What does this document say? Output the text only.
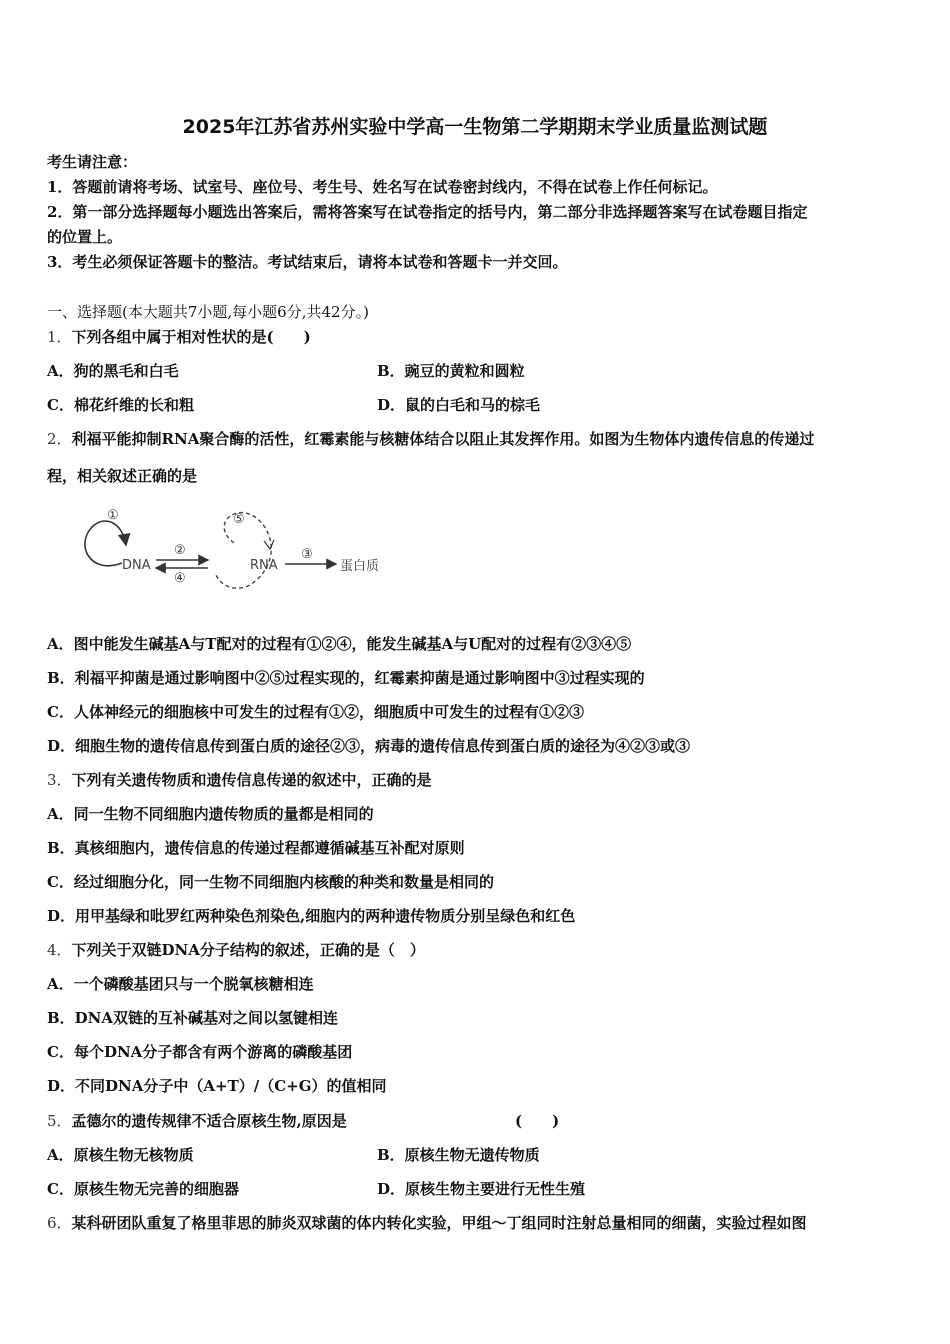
2025年江苏省苏州实验中学高一生物第二学期期末学业质量监测试题
考生请注意：
1．答题前请将考场、试室号、座位号、考生号、姓名写在试卷密封线内，不得在试卷上作任何标记。
2．第一部分选择题每小题选出答案后，需将答案写在试卷指定的括号内，第二部分非选择题答案写在试卷题目指定
的位置上。
3．考生必须保证答题卡的整洁。考试结束后，请将本试卷和答题卡一并交回。
一、选择题(本大题共7小题,每小题6分,共42分。)
1．下列各组中属于相对性状的是(　　)
A．狗的黑毛和白毛	B．豌豆的黄粒和圆粒
C．棉花纤维的长和粗	D．鼠的白毛和马的棕毛
2．利福平能抑制RNA聚合酶的活性，红霉素能与核糖体结合以阻止其发挥作用。如图为生物体内遗传信息的传递过
程，相关叙述正确的是
①
DNA
②
④
⑤
RNA
③
蛋白质
A．图中能发生碱基A与T配对的过程有①②④，能发生碱基A与U配对的过程有②③④⑤
B．利福平抑菌是通过影响图中②⑤过程实现的，红霉素抑菌是通过影响图中③过程实现的
C．人体神经元的细胞核中可发生的过程有①②，细胞质中可发生的过程有①②③
D．细胞生物的遗传信息传到蛋白质的途径②③，病毒的遗传信息传到蛋白质的途径为④②③或③
3．下列有关遗传物质和遗传信息传递的叙述中，正确的是
A．同一生物不同细胞内遗传物质的量都是相同的
B．真核细胞内，遗传信息的传递过程都遵循碱基互补配对原则
C．经过细胞分化，同一生物不同细胞内核酸的种类和数量是相同的
D．用甲基绿和吡罗红两种染色剂染色,细胞内的两种遗传物质分别呈绿色和红色
4．下列关于双链DNA分子结构的叙述，正确的是（　）
A．一个磷酸基团只与一个脱氧核糖相连
B．DNA双链的互补碱基对之间以氢键相连
C．每个DNA分子都含有两个游离的磷酸基团
D．不同DNA分子中（A+T）/（C+G）的值相同
5．孟德尔的遗传规律不适合原核生物,原因是	(　　)
A．原核生物无核物质	B．原核生物无遗传物质
C．原核生物无完善的细胞器	D．原核生物主要进行无性生殖
6．某科研团队重复了格里菲思的肺炎双球菌的体内转化实验，甲组～丁组同时注射总量相同的细菌，实验过程如图
